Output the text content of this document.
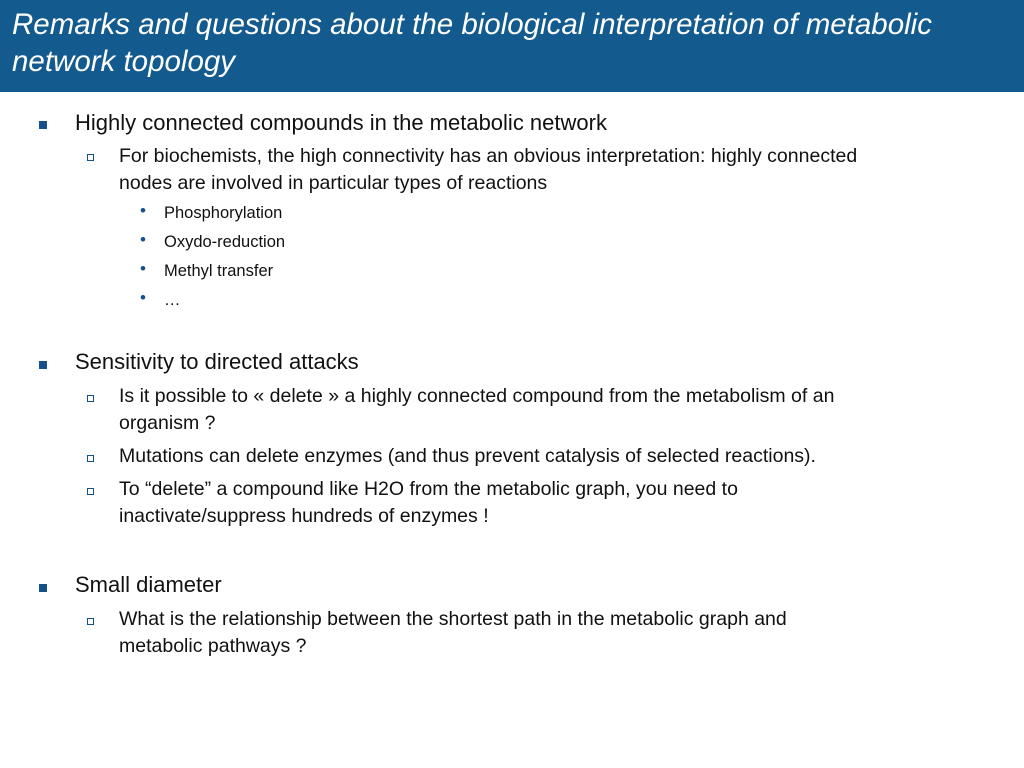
Remarks and questions about the biological interpretation of metabolic network topology
Highly connected compounds in the metabolic network
For biochemists, the high connectivity has an obvious interpretation: highly connected
nodes are involved in particular types of reactions
• Phosphorylation
• Oxydo-reduction
• Methyl transfer
• …
Sensitivity to directed attacks
Is it possible to « delete » a highly connected compound from the metabolism of an
organism ?
Mutations can delete enzymes (and thus prevent catalysis of selected reactions).
To “delete” a compound like H2O from the metabolic graph, you need to
inactivate/suppress hundreds of enzymes !
Small diameter
What is the relationship between the shortest path in the metabolic graph and
metabolic pathways ?
